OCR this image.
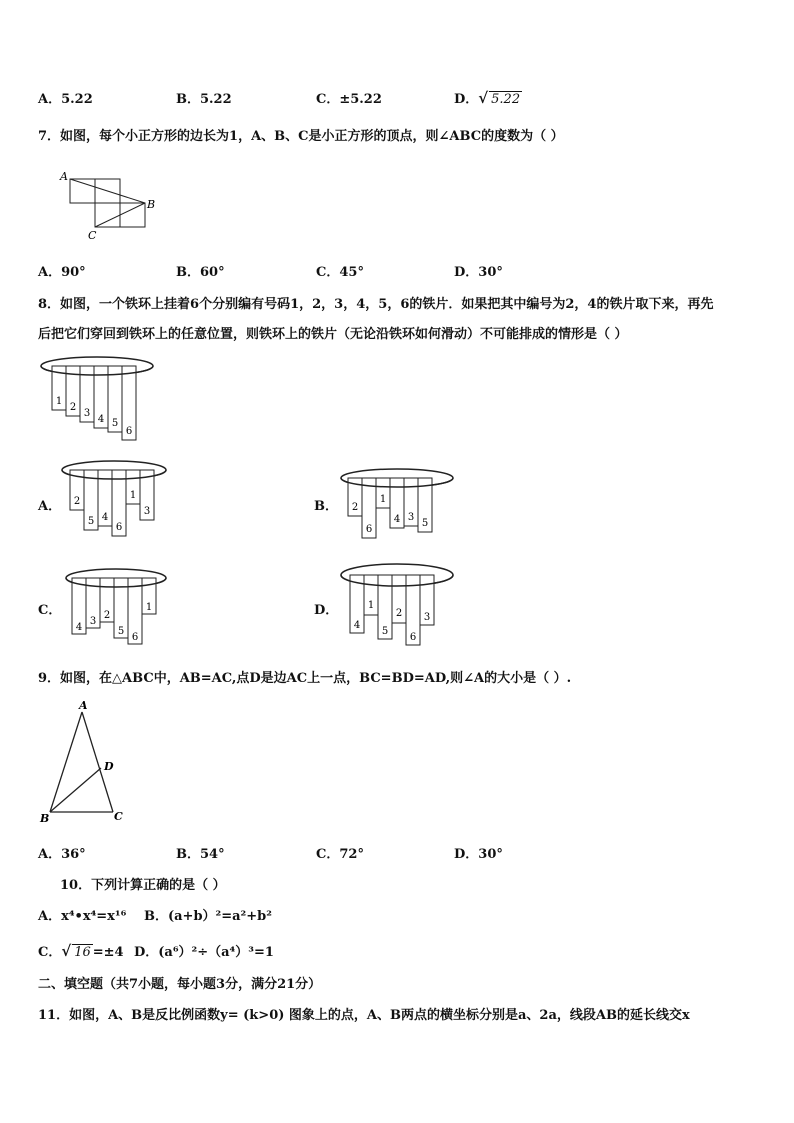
A．5.22	B．5.22	C．±5.22	D．√ 5.22
7．如图，每个小正方形的边长为1，A、B、C是小正方形的顶点，则∠ABC的度数为（ ）
A
B
C
A．90°	B．60°	C．45°	D．30°
8．如图，一个铁环上挂着6个分别编有号码1，2，3，4，5，6的铁片．如果把其中编号为2，4的铁片取下来，再先
后把它们穿回到铁环上的任意位置，则铁环上的铁片（无论沿铁环如何滑动）不可能排成的情形是（ ）
1
2
3
4 5
6
A． 2
5 4
6
1
3	B． 2
6
1
4 3
5
C．
4
3
2
5
6
1	D．
4
1
5
2
6
3
9．如图，在△ABC中，AB=AC,点D是边AC上一点，BC=BD=AD,则∠A的大小是（ ）.
A
B	C
D
A．36°	B．54°	C．72°	D．30°
10．下列计算正确的是（ ）
A．x⁴•x⁴=x¹⁶ B．(a+b）²=a²+b²
C．√ 16 =±4 D．(a⁶）²÷（a⁴）³=1
二、填空题（共7小题，每小题3分，满分21分）
11．如图，A、B是反比例函数y= (k>0) 图象上的点，A、B两点的横坐标分别是a、2a，线段AB的延长线交x
